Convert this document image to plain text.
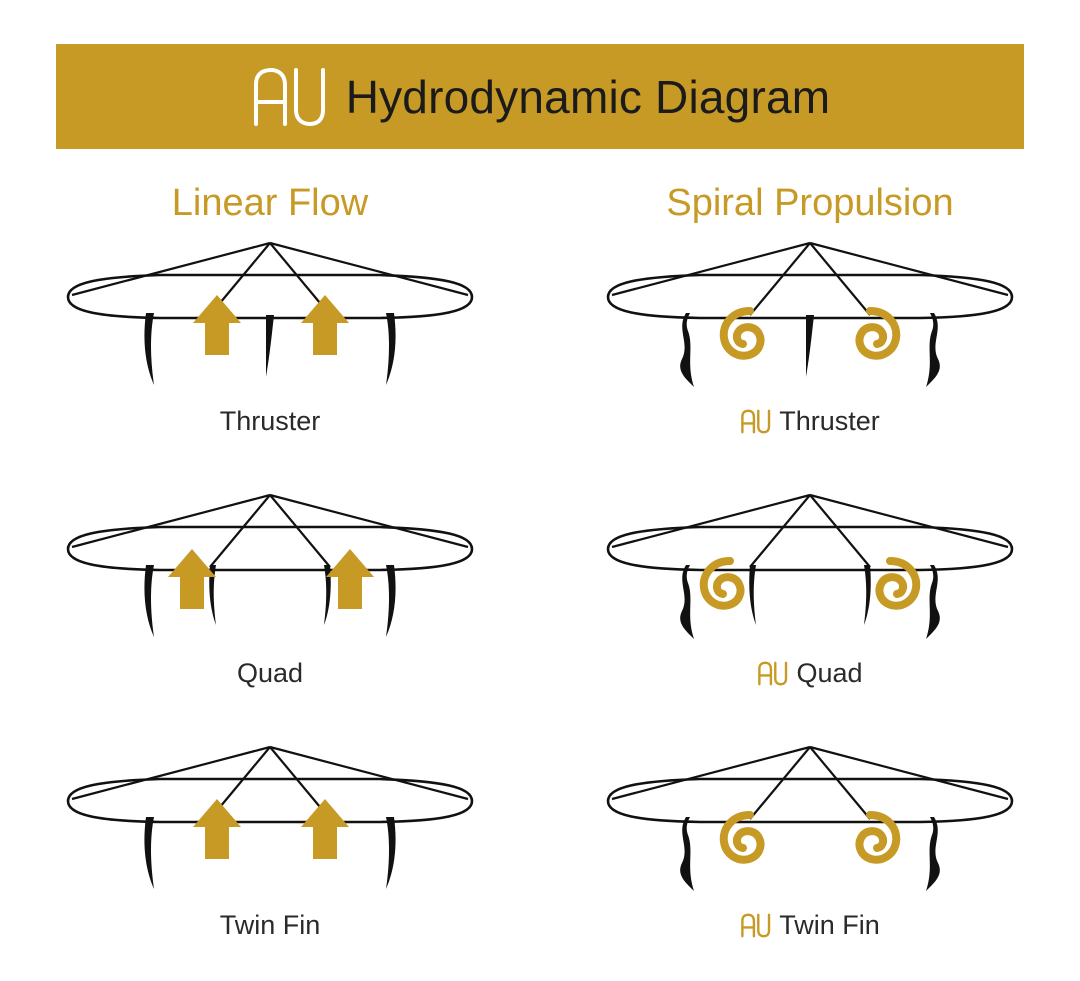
Hydrodynamic Diagram
Linear Flow	Spiral Propulsion
Thruster	Thruster
Quad	Quad
Twin Fin	Twin Fin
